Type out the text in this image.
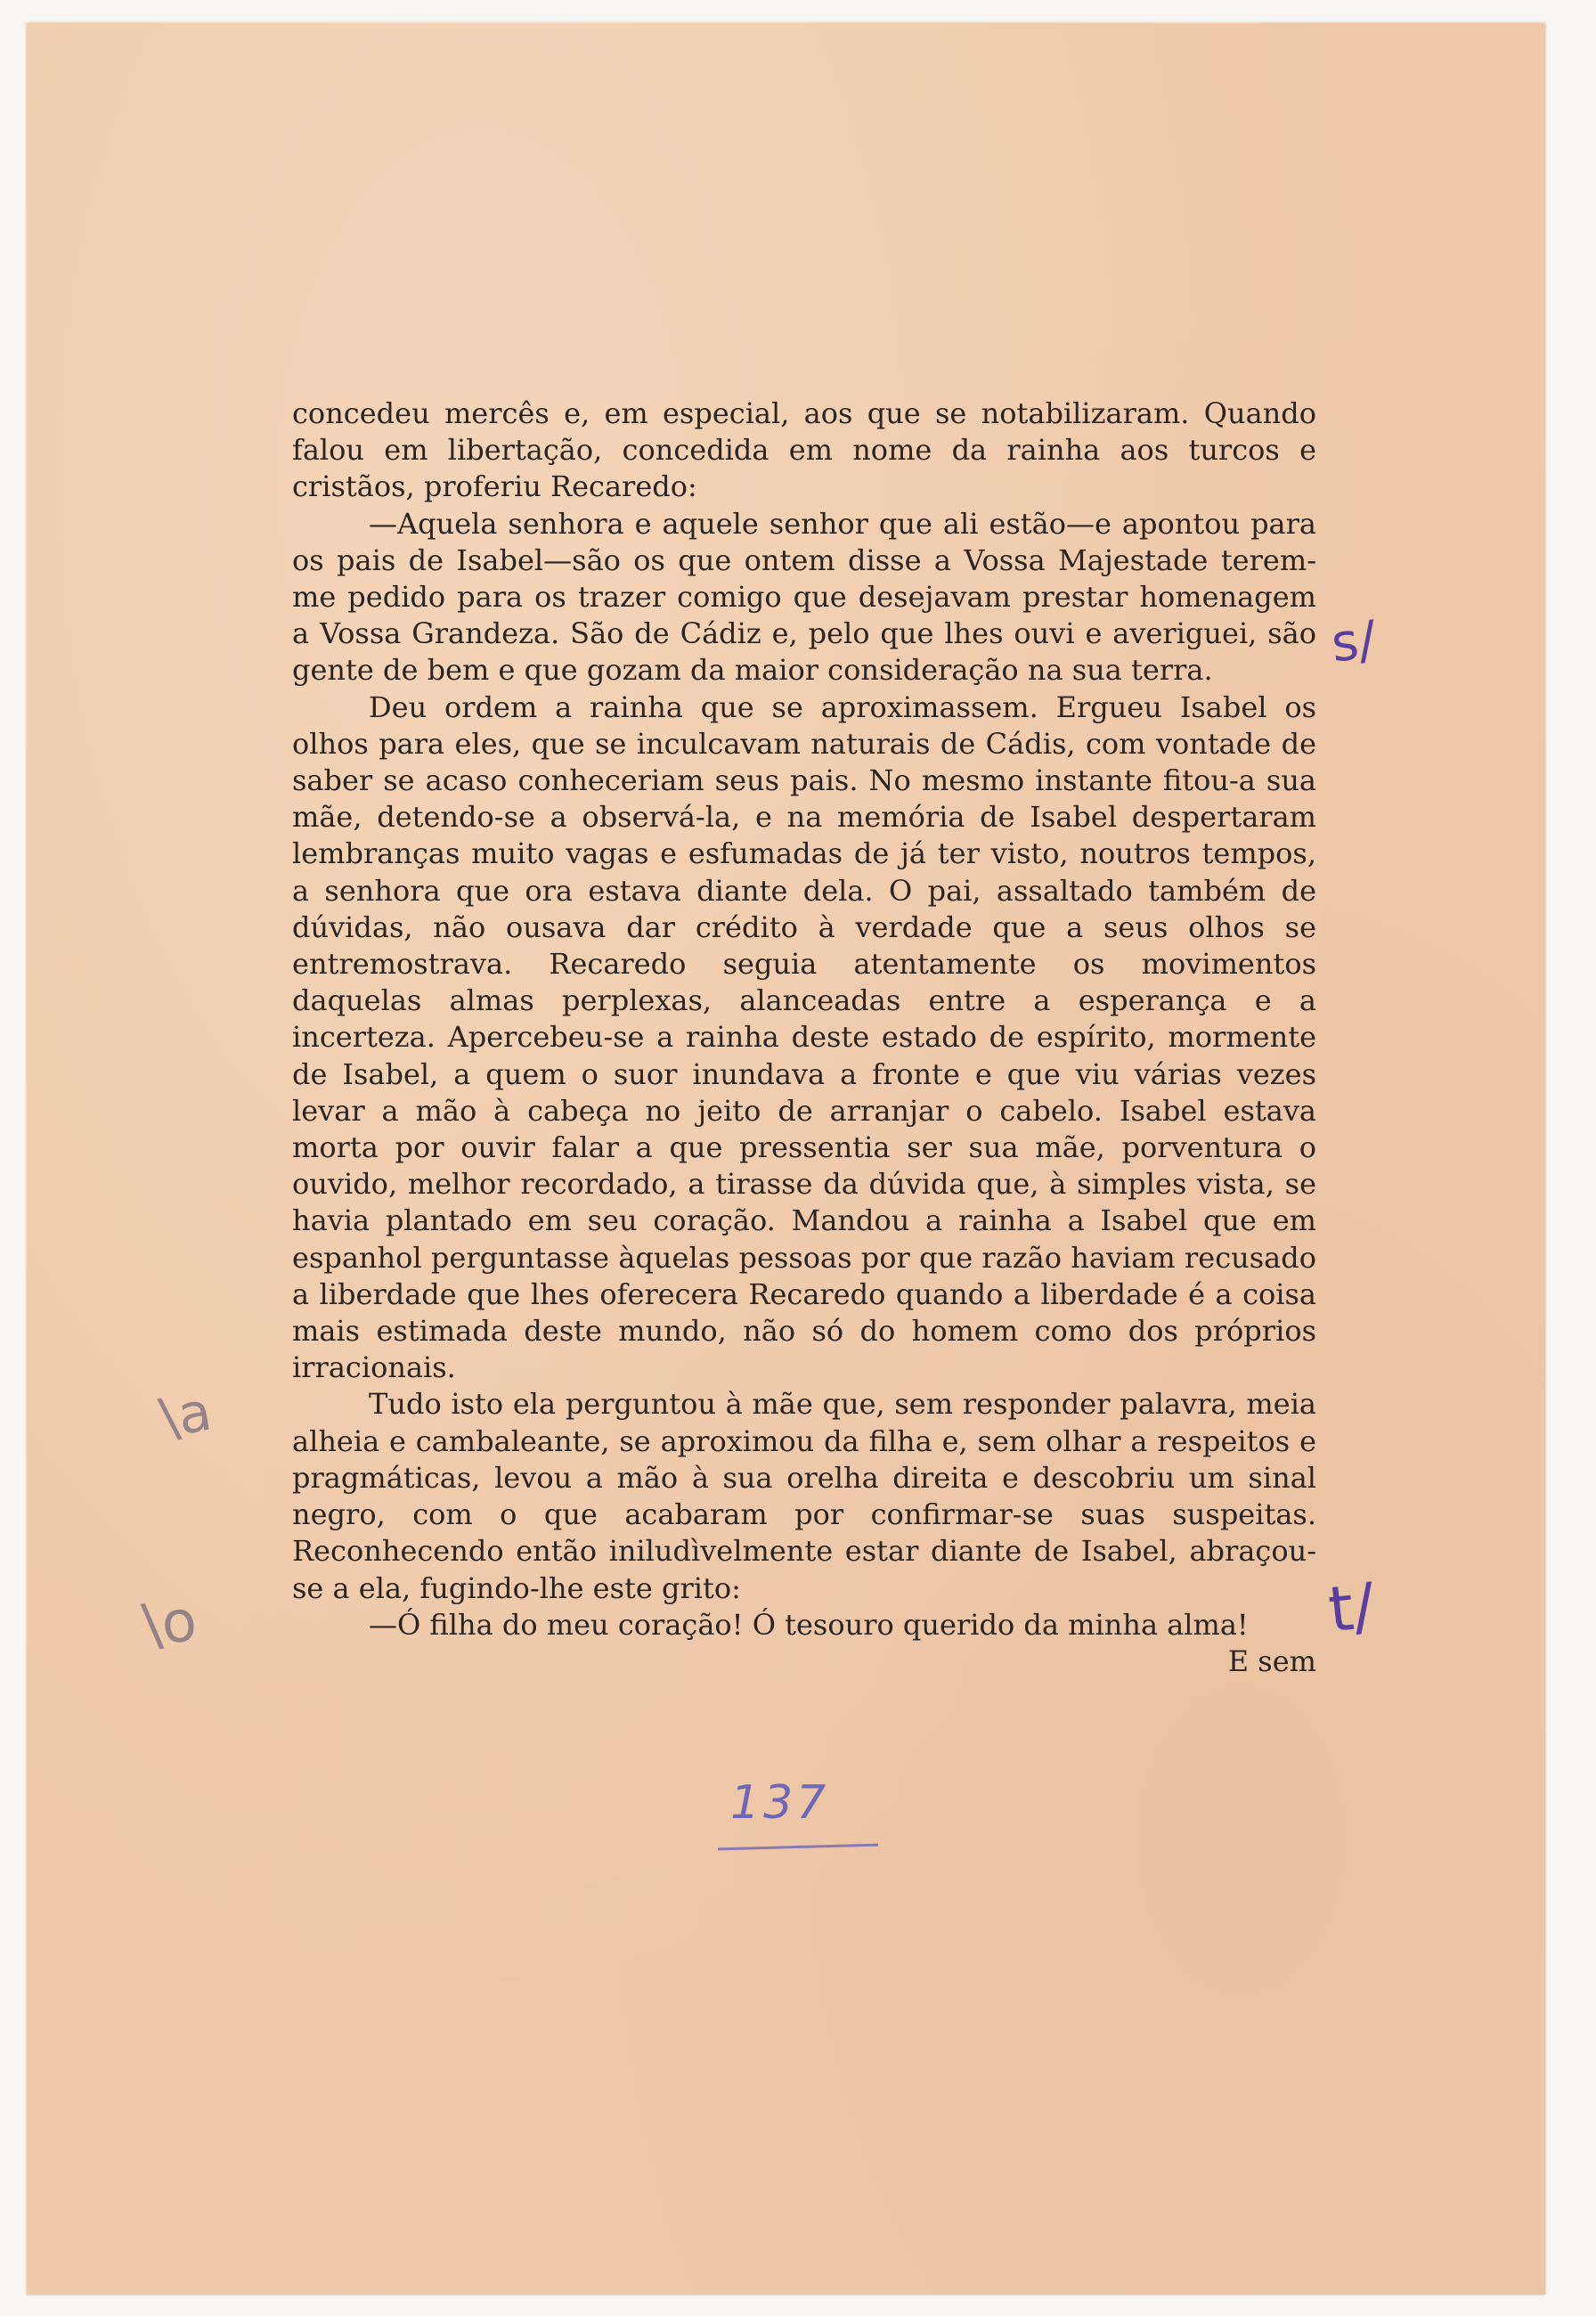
concedeu mercês e, em especial, aos que se notabilizaram. Quando falou em libertação, concedida em nome da rainha aos turcos e cristãos, proferiu Recaredo:

—Aquela senhora e aquele senhor que ali estão—e apontou para os pais de Isabel—são os que ontem disse a Vossa Majestade terem-me pedido para os trazer comigo que desejavam prestar homenagem a Vossa Grandeza. São de Cádiz e, pelo que lhes ouvi e averiguei, são gente de bem e que gozam da maior consideração na sua terra.

Deu ordem a rainha que se aproximassem. Ergueu Isabel os olhos para eles, que se inculcavam naturais de Cádis, com vontade de saber se acaso conheceriam seus pais. No mesmo instante fitou-a sua mãe, detendo-se a observá-la, e na memória de Isabel despertaram lembranças muito vagas e esfumadas de já ter visto, noutros tempos, a senhora que ora estava diante dela. O pai, assaltado também de dúvidas, não ousava dar crédito à verdade que a seus olhos se entremostrava. Recaredo seguia atentamente os movimentos daquelas almas perplexas, alanceadas entre a esperança e a incerteza. Apercebeu-se a rainha deste estado de espírito, mormente de Isabel, a quem o suor inundava a fronte e que viu várias vezes levar a mão à cabeça no jeito de arranjar o cabelo. Isabel estava morta por ouvir falar a que pressentia ser sua mãe, porventura o ouvido, melhor recordado, a tirasse da dúvida que, à simples vista, se havia plantado em seu coração. Mandou a rainha a Isabel que em espanhol perguntasse àquelas pessoas por que razão haviam recusado a liberdade que lhes oferecera Recaredo quando a liberdade é a coisa mais estimada deste mundo, não só do homem como dos próprios irracionais.

Tudo isto ela perguntou à mãe que, sem responder palavra, meia alheia e cambaleante, se aproximou da filha e, sem olhar a respeitos e pragmáticas, levou a mão à sua orelha direita e descobriu um sinal negro, com o que acabaram por confirmar-se suas suspeitas. Reconhecendo então iniludìvelmente estar diante de Isabel, abraçou-se a ela, fugindo-lhe este grito:

—Ó filha do meu coração! Ó tesouro querido da minha alma!

E sem
s/
t/
\a
\o
137
